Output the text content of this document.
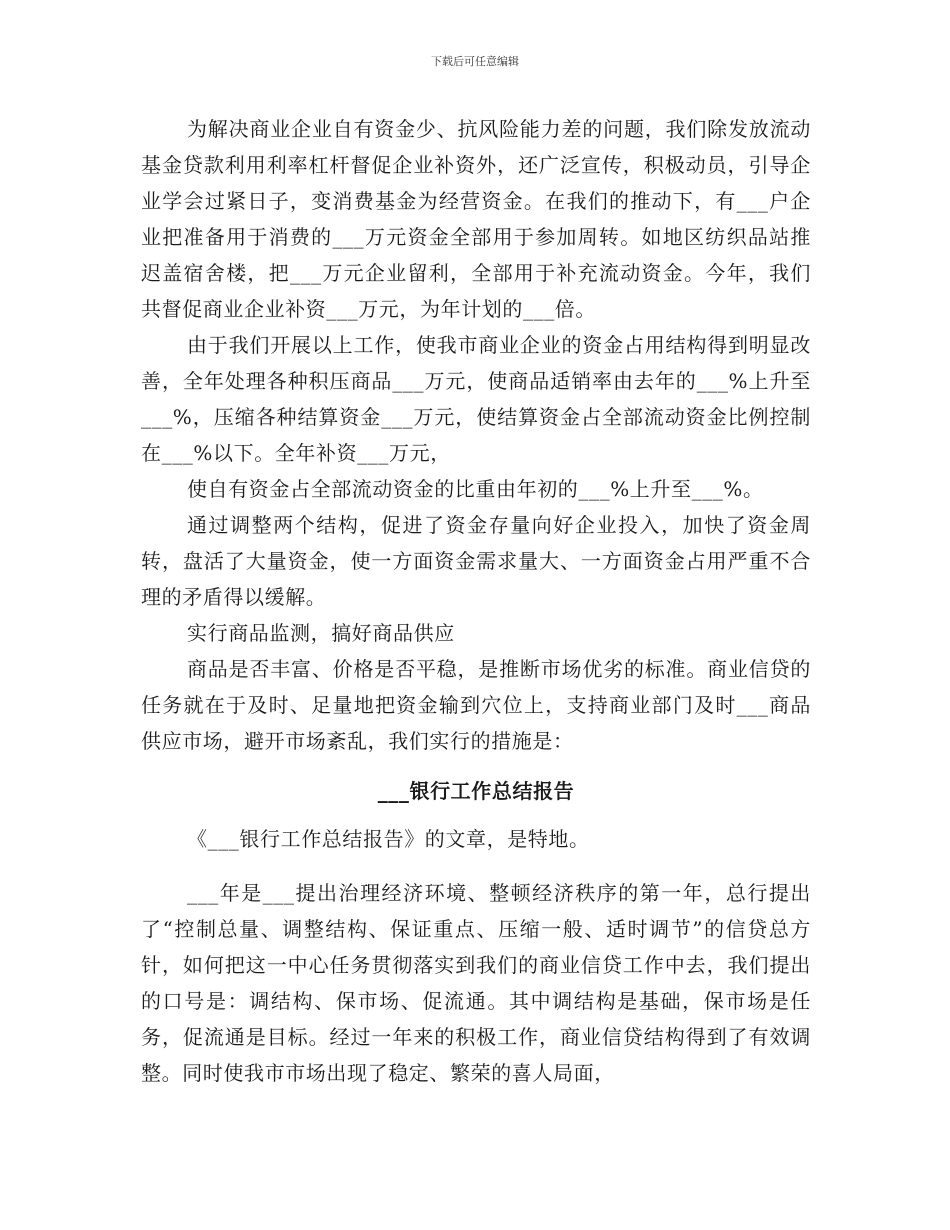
下载后可任意编辑

为解决商业企业自有资金少、抗风险能力差的问题，我们除发放流动基金贷款利用利率杠杆督促企业补资外，还广泛宣传，积极动员，引导企业学会过紧日子，变消费基金为经营资金。在我们的推动下，有___户企业把准备用于消费的___万元资金全部用于参加周转。如地区纺织品站推迟盖宿舍楼，把___万元企业留利，全部用于补充流动资金。今年，我们共督促商业企业补资___万元，为年计划的___倍。

由于我们开展以上工作，使我市商业企业的资金占用结构得到明显改善，全年处理各种积压商品___万元，使商品适销率由去年的___%上升至___%，压缩各种结算资金___万元，使结算资金占全部流动资金比例控制在___%以下。全年补资___万元，

使自有资金占全部流动资金的比重由年初的___%上升至___%。

通过调整两个结构，促进了资金存量向好企业投入，加快了资金周转，盘活了大量资金，使一方面资金需求量大、一方面资金占用严重不合理的矛盾得以缓解。

实行商品监测，搞好商品供应

商品是否丰富、价格是否平稳，是推断市场优劣的标准。商业信贷的任务就在于及时、足量地把资金输到穴位上，支持商业部门及时___商品供应市场，避开市场紊乱，我们实行的措施是：

___银行工作总结报告

《___银行工作总结报告》的文章，是特地。

___年是___提出治理经济环境、整顿经济秩序的第一年，总行提出了“控制总量、调整结构、保证重点、压缩一般、适时调节”的信贷总方针，如何把这一中心任务贯彻落实到我们的商业信贷工作中去，我们提出的口号是：调结构、保市场、促流通。其中调结构是基础，保市场是任务，促流通是目标。经过一年来的积极工作，商业信贷结构得到了有效调整。同时使我市市场出现了稳定、繁荣的喜人局面，
